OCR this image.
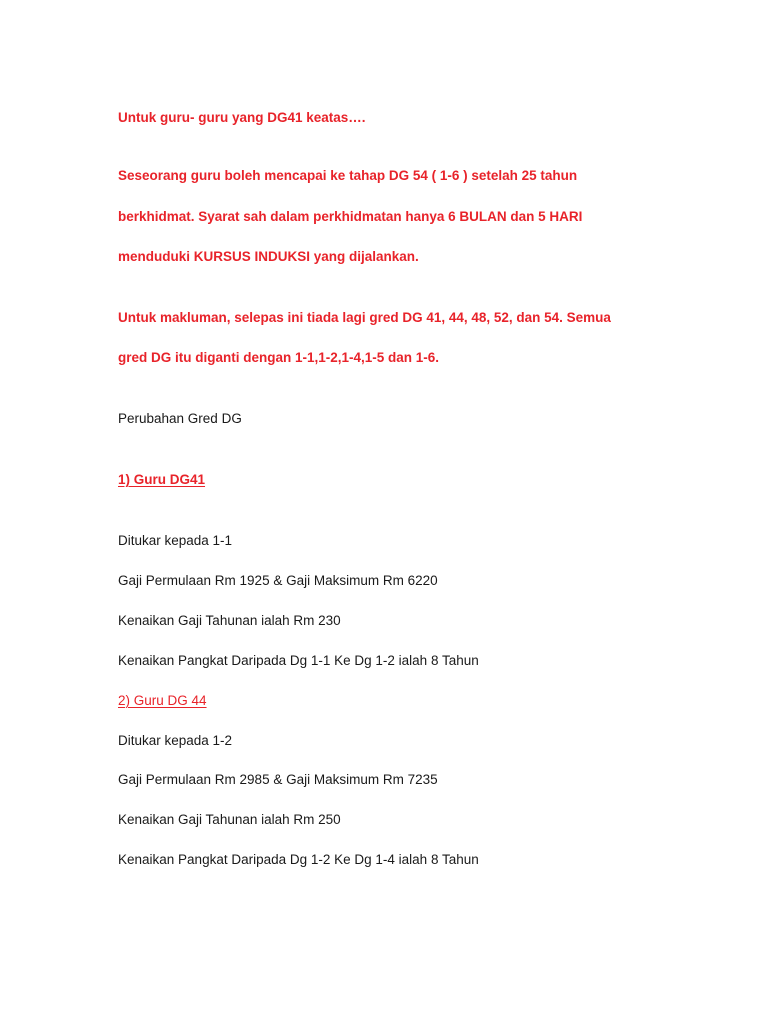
Untuk guru- guru yang DG41 keatas….
Seseorang guru boleh mencapai ke tahap DG 54 ( 1-6 ) setelah 25 tahun
berkhidmat. Syarat sah dalam perkhidmatan hanya 6 BULAN dan 5 HARI
menduduki KURSUS INDUKSI yang dijalankan.
Untuk makluman, selepas ini tiada lagi gred DG 41, 44, 48, 52, dan 54. Semua
gred DG itu diganti dengan 1-1,1-2,1-4,1-5 dan 1-6.
Perubahan Gred DG
1) Guru DG41
Ditukar kepada 1-1
Gaji Permulaan Rm 1925 & Gaji Maksimum Rm 6220
Kenaikan Gaji Tahunan ialah Rm 230
Kenaikan Pangkat Daripada Dg 1-1 Ke Dg 1-2 ialah 8 Tahun
2) Guru DG 44
Ditukar kepada 1-2
Gaji Permulaan Rm 2985 & Gaji Maksimum Rm 7235
Kenaikan Gaji Tahunan ialah Rm 250
Kenaikan Pangkat Daripada Dg 1-2 Ke Dg 1-4 ialah 8 Tahun
